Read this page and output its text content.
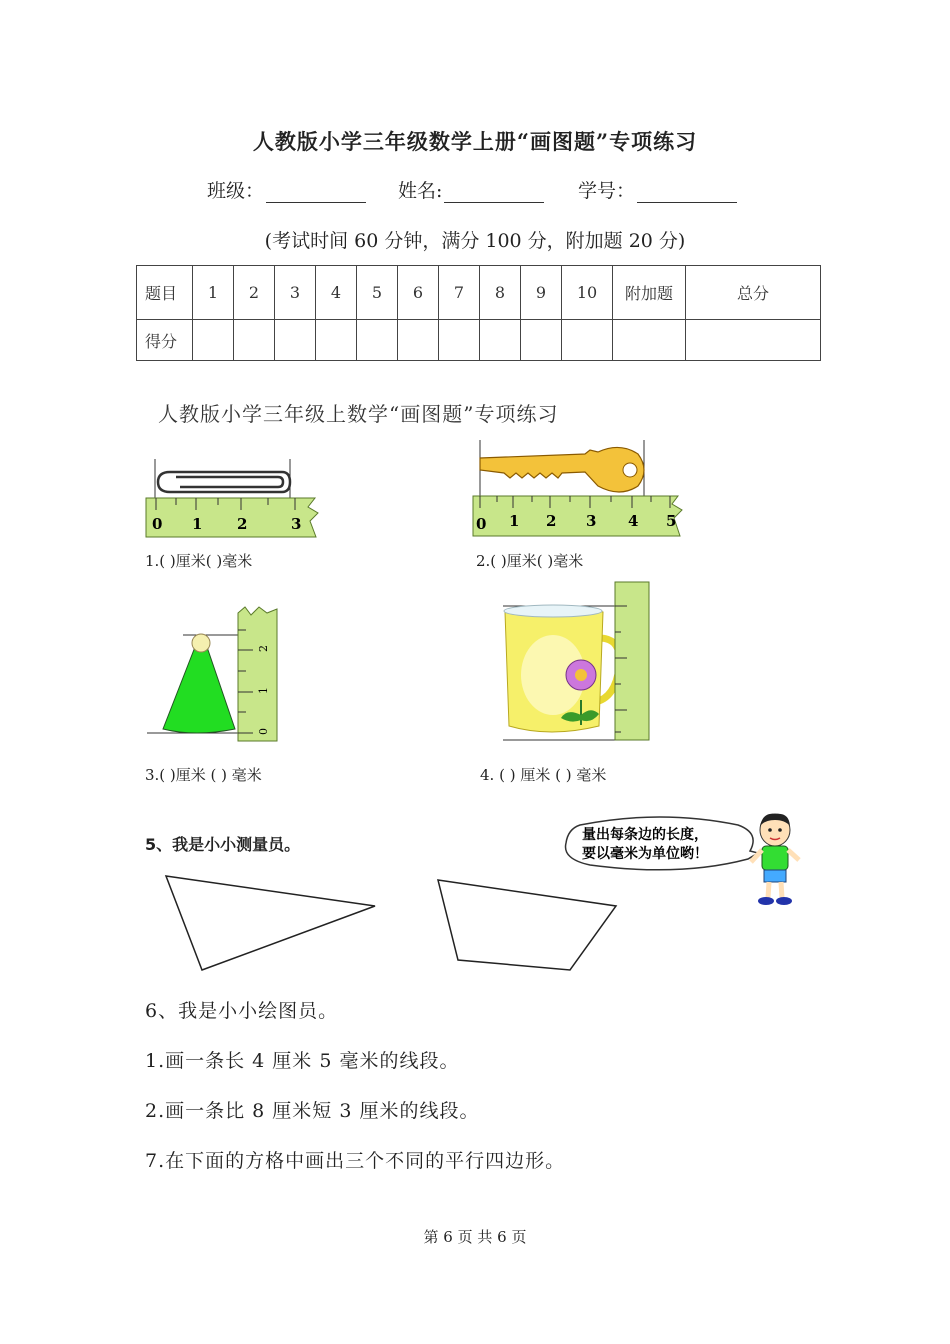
人教版小学三年级数学上册“画图题”专项练习
班级：	姓名:	学号：
(考试时间 60 分钟，满分 100 分，附加题 20 分)
题目	1	2	3	4	5	6	7	8	9	10	附加题	总分
得分												
人教版小学三年级上数学“画图题”专项练习
0 1 2	3
1.( )厘米( )毫米
0 1 2 3 4 5
2.( )厘米( )毫米
0
1
2
3.( )厘米 ( ) 毫米	4. ( ) 厘米 ( ) 毫米
5、我是小小测量员。	量出每条边的长度，
要以毫米为单位哟！
6、我是小小绘图员。
1.画一条长 4 厘米 5 毫米的线段。
2.画一条比 8 厘米短 3 厘米的线段。
7.在下面的方格中画出三个不同的平行四边形。
第 6 页 共 6 页
